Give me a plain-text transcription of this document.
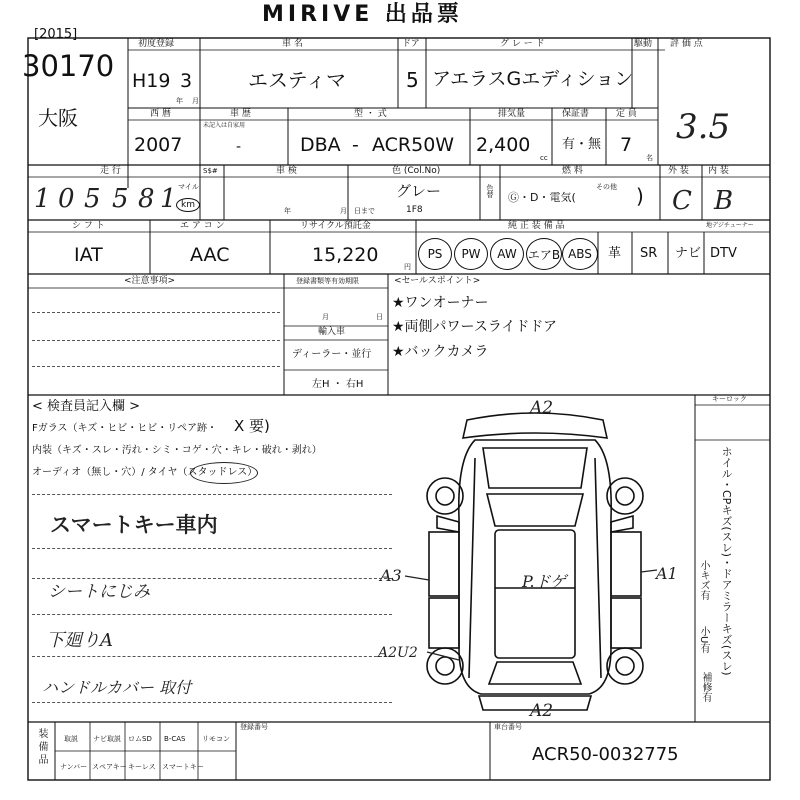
MIRIVE 出品票
[2015]
30170
大阪
初度登録
H19 3
年 月
車 名
エスティマ
ドア
5
グ レ ー ド
アエラスGエディション
駆動 評 価 点
3.5
西 暦
2007
車 歴
未記入は自家用
-
型 ・ 式
DBA - ACR50W
排気量
2,400
cc
保証書
有・無
定 員
7
名
走 行
1 0 5 5 8 1 マイル
km
S$#	車 検
年	月 日まで
色 (Col.No)
グレー
1F8
色替
燃 料
Ⓖ・D・電気(
その他 )
外 装
C
内 装
B
シ フ ト
IAT
エ ア コ ン
AAC
リサイクル預託金
15,220
円
純 正 装 備 品	地デジチューナー
PS PW AW エアB ABS 革 SR ナビ DTV
<注意事項>	登録書類等有効期限
月	日
輸入車
ディーラー・並行
左H ・ 右H
<セールスポイント>
★ワンオーナー
★両側パワースライドドア
★バックカメラ
< 検査員記入欄 >
Fガラス（キズ・ヒビ・ヒビ・リペア跡・ X 要)
内装（キズ・スレ・汚れ・シミ・コゲ・穴・キレ・破れ・剥れ）
オーディオ（無し・穴）/ タイヤ（スタッドレス）
スマートキー車内
シートにじみ
下廻りA
ハンドルカバー 取付
A2
A2
A3	A1
A2U2
P.ドゲ
キーロック
ホイル・CPキズ(スレ)・ドアミラーキズ(スレ)
小キズ有
小U有
補修有
装 備 品 取説 ナビ取説 ロムSD B-CAS リモコン
ナンバー スペアキー キーレス スマートキー
登録番号	車台番号
ACR50-0032775
